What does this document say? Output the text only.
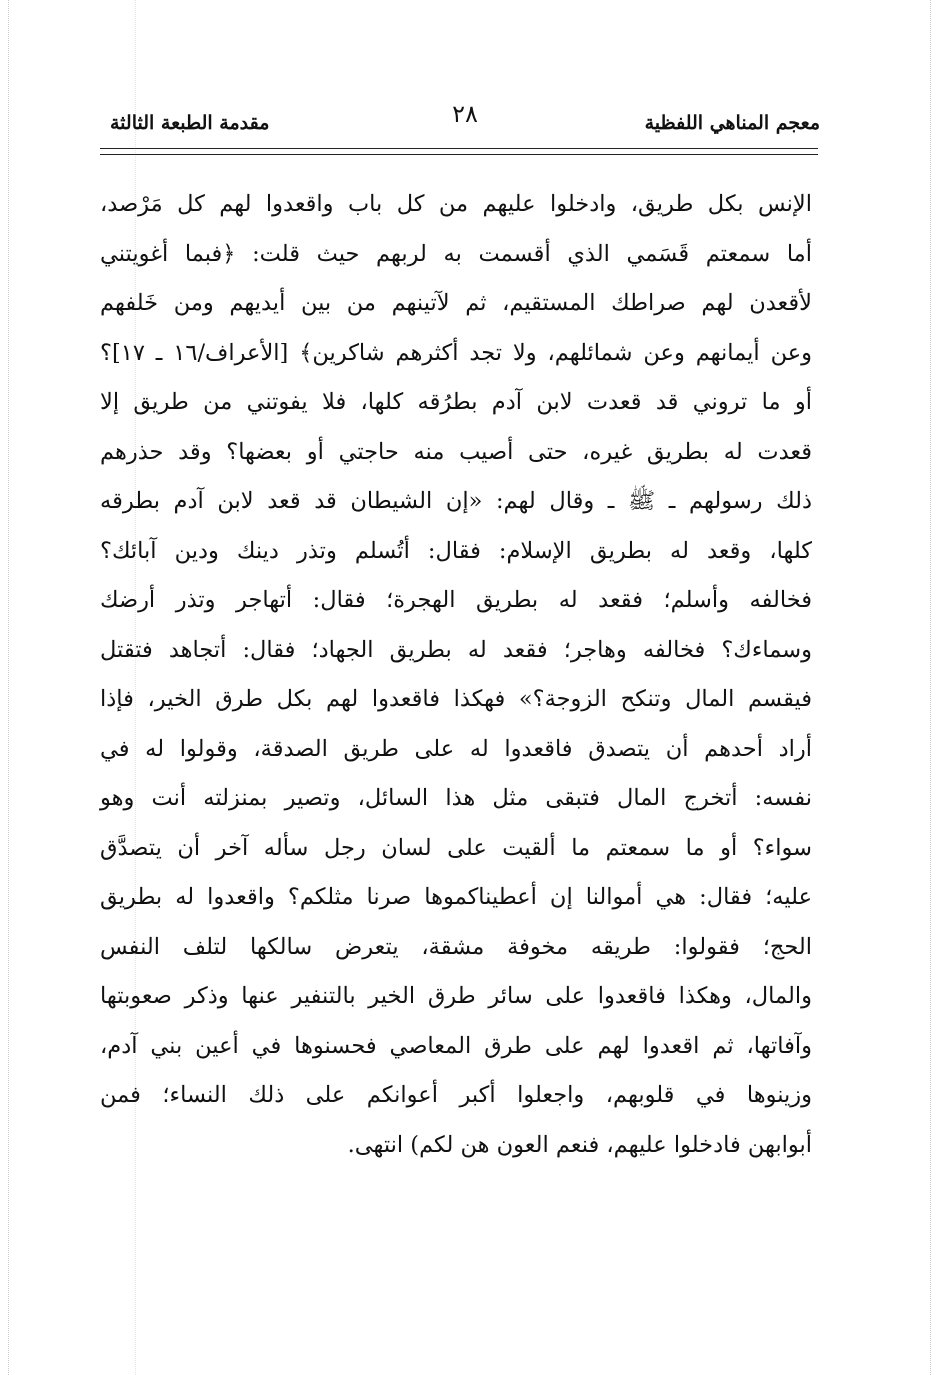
معجم المناهي اللفظية
٢٨
مقدمة الطبعة الثالثة
الإنس بكل طريق، وادخلوا عليهم من كل باب واقعدوا لهم كل مَرْصد،
أما سمعتم قَسَمي الذي أقسمت به لربهم حيث قلت: ﴿فبما أغويتني
لأقعدن لهم صراطك المستقيم، ثم لآتينهم من بين أيديهم ومن خَلفهم
وعن أيمانهم وعن شمائلهم، ولا تجد أكثرهم شاكرين﴾ [الأعراف/١٦ ـ ١٧]؟
أو ما تروني قد قعدت لابن آدم بطرُقه كلها، فلا يفوتني من طريق إلا
قعدت له بطريق غيره، حتى أصيب منه حاجتي أو بعضها؟ وقد حذرهم
ذلك رسولهم ـ ﷺ ـ وقال لهم: «إن الشيطان قد قعد لابن آدم بطرقه
كلها، وقعد له بطريق الإسلام: فقال: أتُسلم وتذر دينك ودين آبائك؟
فخالفه وأسلم؛ فقعد له بطريق الهجرة؛ فقال: أتهاجر وتذر أرضك
وسماءك؟ فخالفه وهاجر؛ فقعد له بطريق الجهاد؛ فقال: أتجاهد فتقتل
فيقسم المال وتنكح الزوجة؟» فهكذا فاقعدوا لهم بكل طرق الخير، فإذا
أراد أحدهم أن يتصدق فاقعدوا له على طريق الصدقة، وقولوا له في
نفسه: أتخرج المال فتبقى مثل هذا السائل، وتصير بمنزلته أنت وهو
سواء؟ أو ما سمعتم ما ألقيت على لسان رجل سأله آخر أن يتصدَّق
عليه؛ فقال: هي أموالنا إن أعطيناكموها صرنا مثلكم؟ واقعدوا له بطريق
الحج؛ فقولوا: طريقه مخوفة مشقة، يتعرض سالكها لتلف النفس
والمال، وهكذا فاقعدوا على سائر طرق الخير بالتنفير عنها وذكر صعوبتها
وآفاتها، ثم اقعدوا لهم على طرق المعاصي فحسنوها في أعين بني آدم،
وزينوها في قلوبهم، واجعلوا أكبر أعوانكم على ذلك النساء؛ فمن
أبوابهن فادخلوا عليهم، فنعم العون هن لكم) انتهى.
